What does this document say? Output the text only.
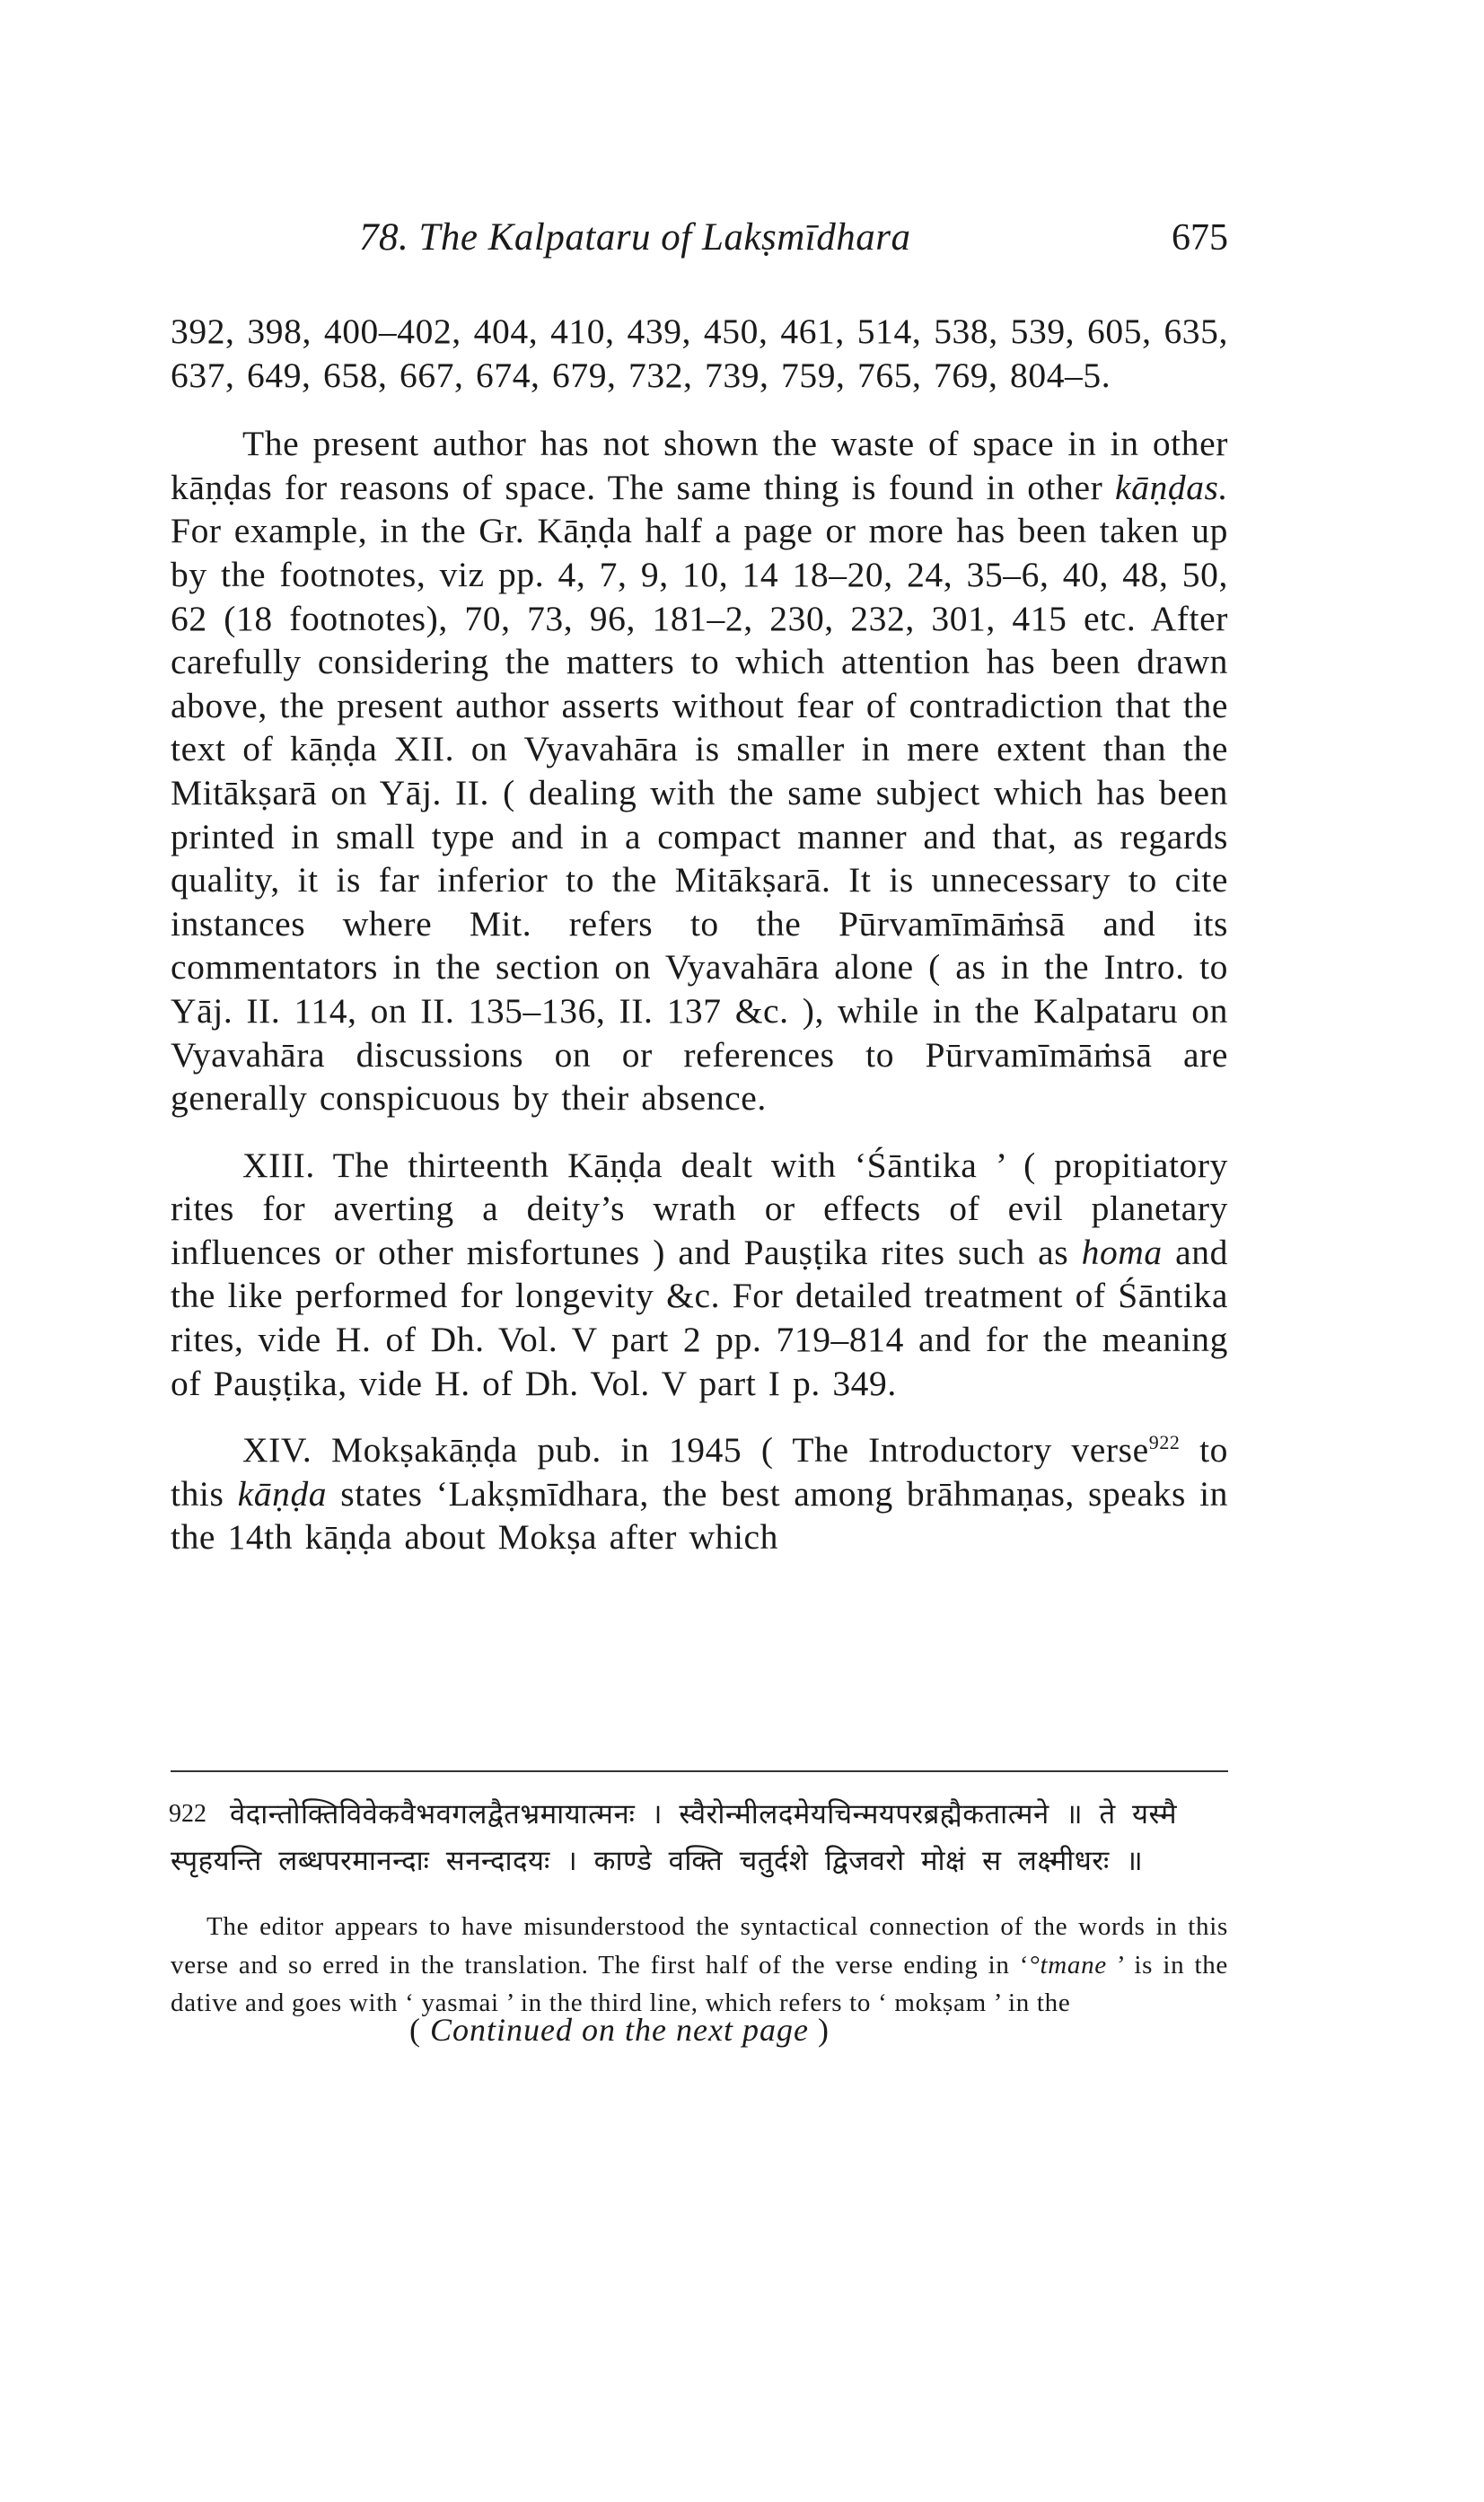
78. The Kalpataru of Lakṣmīdhara	675

392, 398, 400–402, 404, 410, 439, 450, 461, 514, 538, 539, 605, 635, 637, 649, 658, 667, 674, 679, 732, 739, 759, 765, 769, 804–5.

The present author has not shown the waste of space in in other kāṇḍas for reasons of space. The same thing is found in other kāṇḍas. For example, in the Gr. Kāṇḍa half a page or more has been taken up by the footnotes, viz pp. 4, 7, 9, 10, 14 18–20, 24, 35–6, 40, 48, 50, 62 (18 footnotes), 70, 73, 96, 181–2, 230, 232, 301, 415 etc. After carefully considering the matters to which attention has been drawn above, the present author asserts without fear of contradiction that the text of kāṇḍa XII. on Vyavahāra is smaller in mere extent than the Mitākṣarā on Yāj. II. ( dealing with the same subject which has been printed in small type and in a compact manner and that, as regards quality, it is far inferior to the Mitākṣarā. It is unnecessary to cite instances where Mit. refers to the Pūrvamīmāṁsā and its commentators in the section on Vyavahāra alone ( as in the Intro. to Yāj. II. 114, on II. 135–136, II. 137 &c. ), while in the Kalpataru on Vyavahāra discussions on or references to Pūrvamīmāṁsā are generally conspicuous by their absence.

XIII. The thirteenth Kāṇḍa dealt with ‘Śāntika ’ ( propitiatory rites for averting a deity’s wrath or effects of evil planetary influences or other misfortunes ) and Pauṣṭika rites such as homa and the like performed for longevity &c. For detailed treatment of Śāntika rites, vide H. of Dh. Vol. V part 2 pp. 719–814 and for the meaning of Pauṣṭika, vide H. of Dh. Vol. V part I p. 349.

XIV. Mokṣakāṇḍa pub. in 1945 ( The Introductory verse$^{922}$ to this kāṇḍa states ‘Lakṣmīdhara, the best among brāhmaṇas, speaks in the 14th kāṇḍa about Mokṣa after which

922 वेदान्तोक्तिविवेकवैभवगलद्वैतभ्रमायात्मनः । स्वैरोन्मीलदमेयचिन्मयपरब्रह्मैकतात्मने ॥ ते यस्मै स्पृहयन्ति लब्धपरमानन्दाः सनन्दादयः । काण्डे वक्ति चतुर्दशे द्विजवरो मोक्षं स लक्ष्मीधरः ॥
The editor appears to have misunderstood the syntactical connection of the words in this verse and so erred in the translation. The first half of the verse ending in ‘°tmane ’ is in the dative and goes with ‘ yasmai ’ in the third line, which refers to ‘ mokṣam ’ in the
( Continued on the next page )
